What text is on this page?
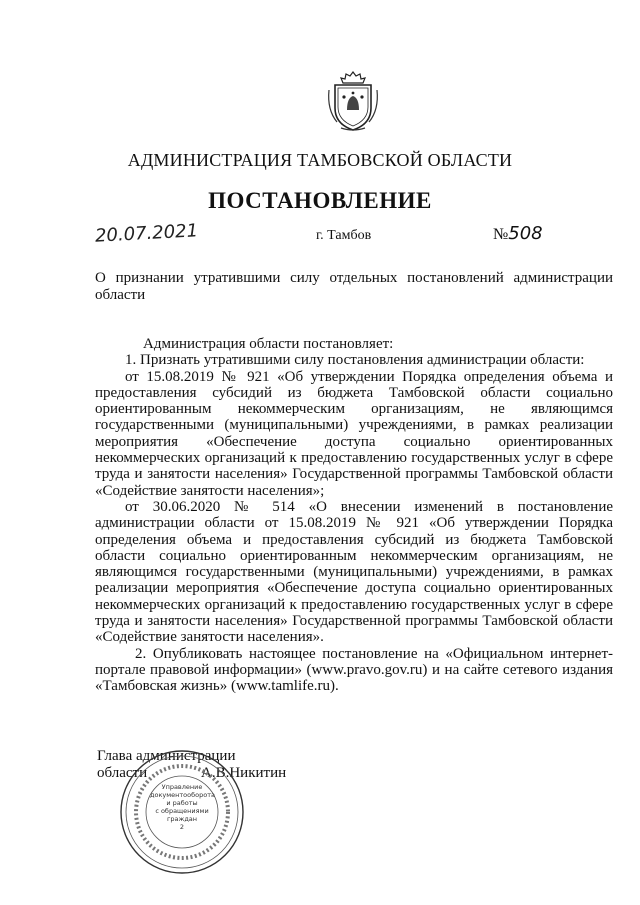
АДМИНИСТРАЦИЯ ТАМБОВСКОЙ ОБЛАСТИ
ПОСТАНОВЛЕНИЕ
20.07.2021	г. Тамбов	№508
О признании утратившими силу отдельных постановлений администрации области

Администрация области постановляет:

1. Признать утратившими силу постановления администрации области:

от 15.08.2019 № 921 «Об утверждении Порядка определения объема и предоставления субсидий из бюджета Тамбовской области социально ориентированным некоммерческим организациям, не являющимся государственными (муниципальными) учреждениями, в рамках реализации мероприятия «Обеспечение доступа социально ориентированных некоммерческих организаций к предоставлению государственных услуг в сфере труда и занятости населения» Государственной программы Тамбовской области «Содействие занятости населения»;

от 30.06.2020 № 514 «О внесении изменений в постановление администрации области от 15.08.2019 № 921 «Об утверждении Порядка определения объема и предоставления субсидий из бюджета Тамбовской области социально ориентированным некоммерческим организациям, не являющимся государственными (муниципальными) учреждениями, в рамках реализации мероприятия «Обеспечение доступа социально ориентированных некоммерческих организаций к предоставлению государственных услуг в сфере труда и занятости населения» Государственной программы Тамбовской области «Содействие занятости населения».

2. Опубликовать настоящее постановление на «Официальном интернет-портале правовой информации» (www.pravo.gov.ru) и на сайте сетевого издания «Тамбовская жизнь» (www.tamlife.ru).

Глава администрации
области	А.В.Никитин
Управление
документооборота
и работы
с обращениями
граждан
2
